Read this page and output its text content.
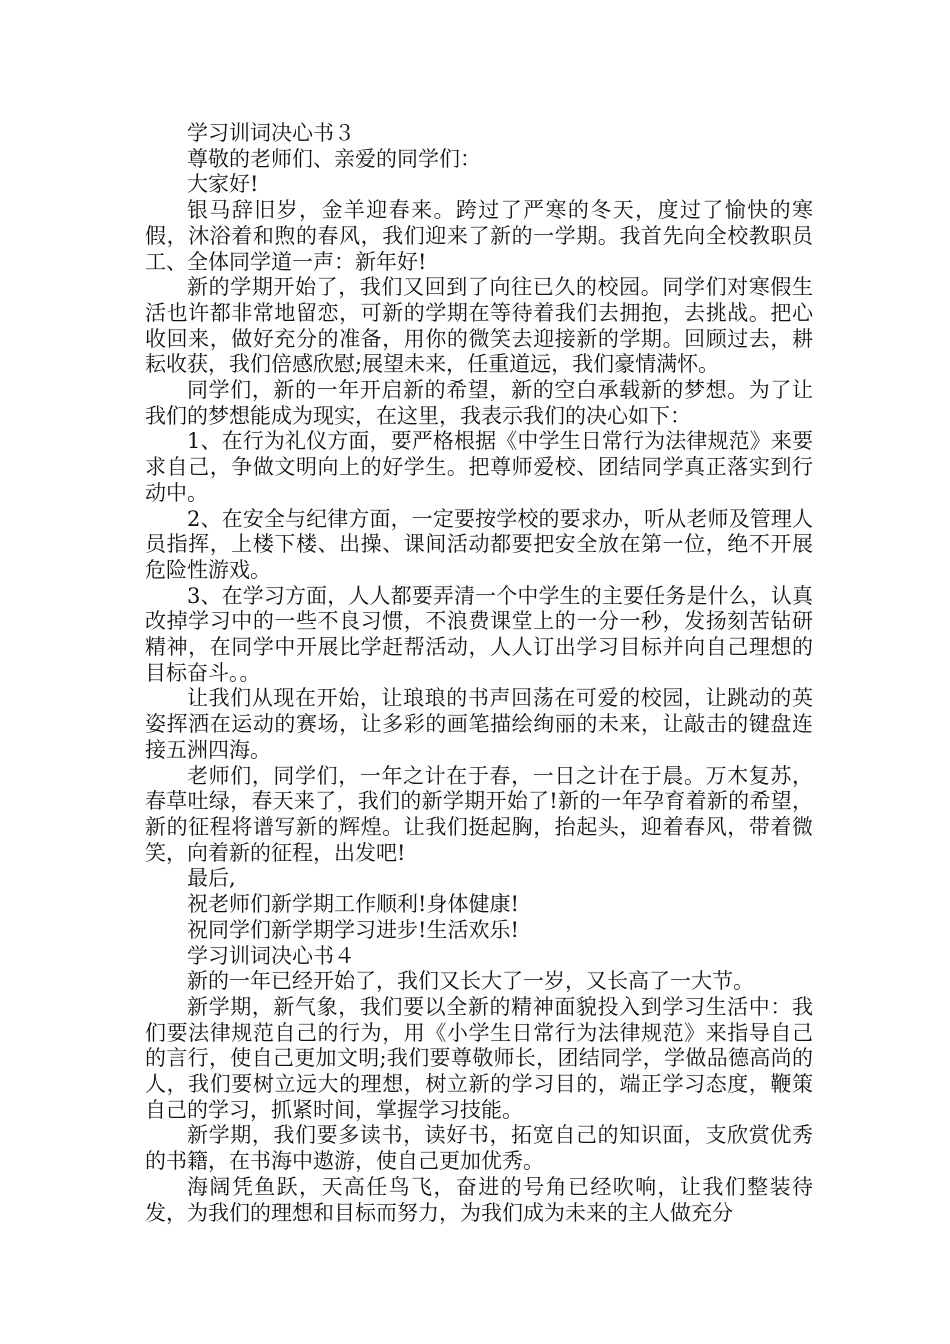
学习训词决心书３

尊敬的老师们、亲爱的同学们：

大家好!

银马辞旧岁，金羊迎春来。跨过了严寒的冬天，度过了愉快的寒假，沐浴着和煦的春风，我们迎来了新的一学期。我首先向全校教职员工、全体同学道一声：新年好!

新的学期开始了，我们又回到了向往已久的校园。同学们对寒假生活也许都非常地留恋，可新的学期在等待着我们去拥抱，去挑战。把心收回来，做好充分的准备，用你的微笑去迎接新的学期。回顾过去，耕耘收获，我们倍感欣慰;展望未来，任重道远，我们豪情满怀。

同学们，新的一年开启新的希望，新的空白承载新的梦想。为了让我们的梦想能成为现实，在这里，我表示我们的决心如下：

1、在行为礼仪方面，要严格根据《中学生日常行为法律规范》来要求自己，争做文明向上的好学生。把尊师爱校、团结同学真正落实到行动中。

2、在安全与纪律方面，一定要按学校的要求办，听从老师及管理人员指挥，上楼下楼、出操、课间活动都要把安全放在第一位，绝不开展危险性游戏。

3、在学习方面，人人都要弄清一个中学生的主要任务是什么，认真改掉学习中的一些不良习惯，不浪费课堂上的一分一秒，发扬刻苦钻研精神，在同学中开展比学赶帮活动，人人订出学习目标并向自己理想的目标奋斗。。

让我们从现在开始，让琅琅的书声回荡在可爱的校园，让跳动的英姿挥洒在运动的赛场，让多彩的画笔描绘绚丽的未来，让敲击的键盘连接五洲四海。

老师们，同学们，一年之计在于春，一日之计在于晨。万木复苏，春草吐绿，春天来了，我们的新学期开始了!新的一年孕育着新的希望，新的征程将谱写新的辉煌。让我们挺起胸，抬起头，迎着春风，带着微笑，向着新的征程，出发吧!

最后,

祝老师们新学期工作顺利!身体健康!

祝同学们新学期学习进步!生活欢乐!

学习训词决心书４

新的一年已经开始了，我们又长大了一岁，又长高了一大节。

新学期，新气象，我们要以全新的精神面貌投入到学习生活中：我们要法律规范自己的行为，用《小学生日常行为法律规范》来指导自己的言行，使自己更加文明;我们要尊敬师长，团结同学，学做品德高尚的人，我们要树立远大的理想，树立新的学习目的，端正学习态度，鞭策自己的学习，抓紧时间，掌握学习技能。

新学期，我们要多读书，读好书，拓宽自己的知识面，支欣赏优秀的书籍，在书海中遨游，使自己更加优秀。

海阔凭鱼跃，天高任鸟飞，奋进的号角已经吹响，让我们整装待发，为我们的理想和目标而努力，为我们成为未来的主人做充分
